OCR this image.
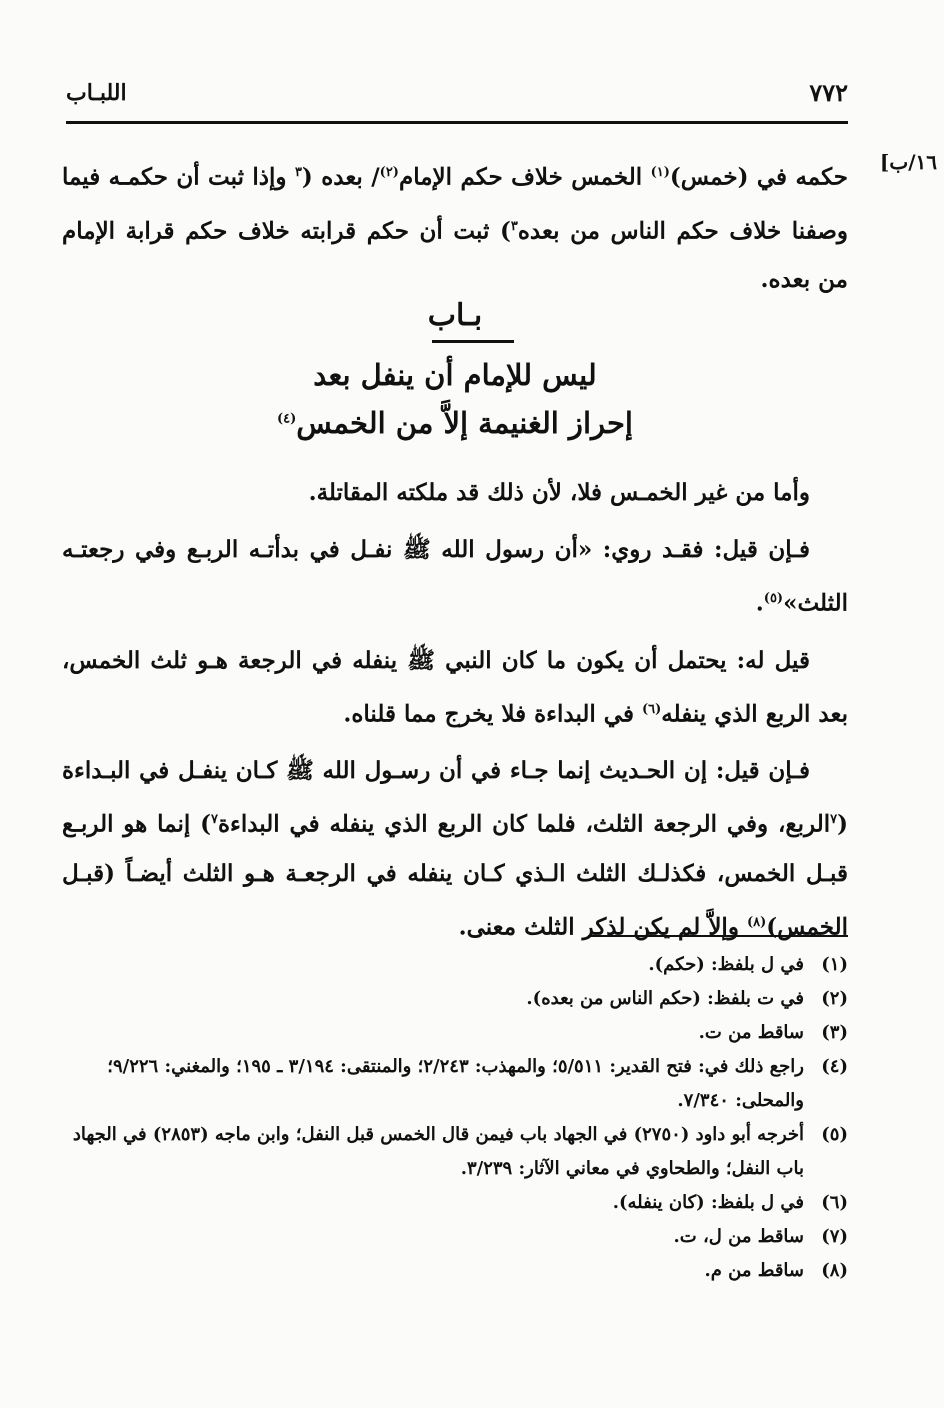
٧٧٢
اللبـاب
١٦/ب]

حكمه في (خمس)$^{(١)}$ الخمس خلاف حكم الإمام$^{(٢)}$/ بعده ($^٣$ وإذا ثبت أن حكمـه فيما وصفنا خلاف حكم الناس من بعده$^٣$) ثبت أن حكم قرابته خلاف حكم قرابة الإمام من بعده.

بـاب
ليس للإمام أن ينفل بعد
إحراز الغنيمة إلاَّ من الخمس$^{(٤)}$

وأما من غير الخمـس فلا، لأن ذلك قد ملكته المقاتلة.

فـإن قيل: فقـد روي: «أن رسول الله ﷺ نفـل في بدأتـه الربـع وفي رجعتـه الثلث»$^{(٥)}$.

قيل له: يحتمل أن يكون ما كان النبي ﷺ ينفله في الرجعة هـو ثلث الخمس، بعد الربع الذي ينفله$^{(٦)}$ في البداءة فلا يخرج مما قلناه.

فـإن قيل: إن الحـديث إنما جـاء في أن رسـول الله ﷺ كـان ينفـل في البـداءة ($^٧$الربع، وفي الرجعة الثلث، فلما كان الربع الذي ينفله في البداءة$^٧$) إنما هو الربـع قبـل الخمس، فكذلـك الثلث الـذي كـان ينفله في الرجعـة هـو الثلث أيضـاً (قبـل الخمس)$^{(٨)}$ وإلاَّ لم يكن لذكر الثلث معنى.

(١)
في ل بلفظ: (حكم).
(٢)
في ت بلفظ: (حكم الناس من بعده).
(٣)
ساقط من ت.
(٤)
راجع ذلك في: فتح القدير: ٥/٥١١؛ والمهذب: ٢/٢٤٣؛ والمنتقى: ٣/١٩٤ ـ ١٩٥؛ والمغني: ٩/٢٢٦؛ والمحلى: ٧/٣٤٠.
(٥)
أخرجه أبو داود (٢٧٥٠) في الجهاد باب فيمن قال الخمس قبل النفل؛ وابن ماجه (٢٨٥٣) في الجهاد باب النفل؛ والطحاوي في معاني الآثار: ٣/٢٣٩.
(٦)
في ل بلفظ: (كان ينفله).
(٧)
ساقط من ل، ت.
(٨)
ساقط من م.
